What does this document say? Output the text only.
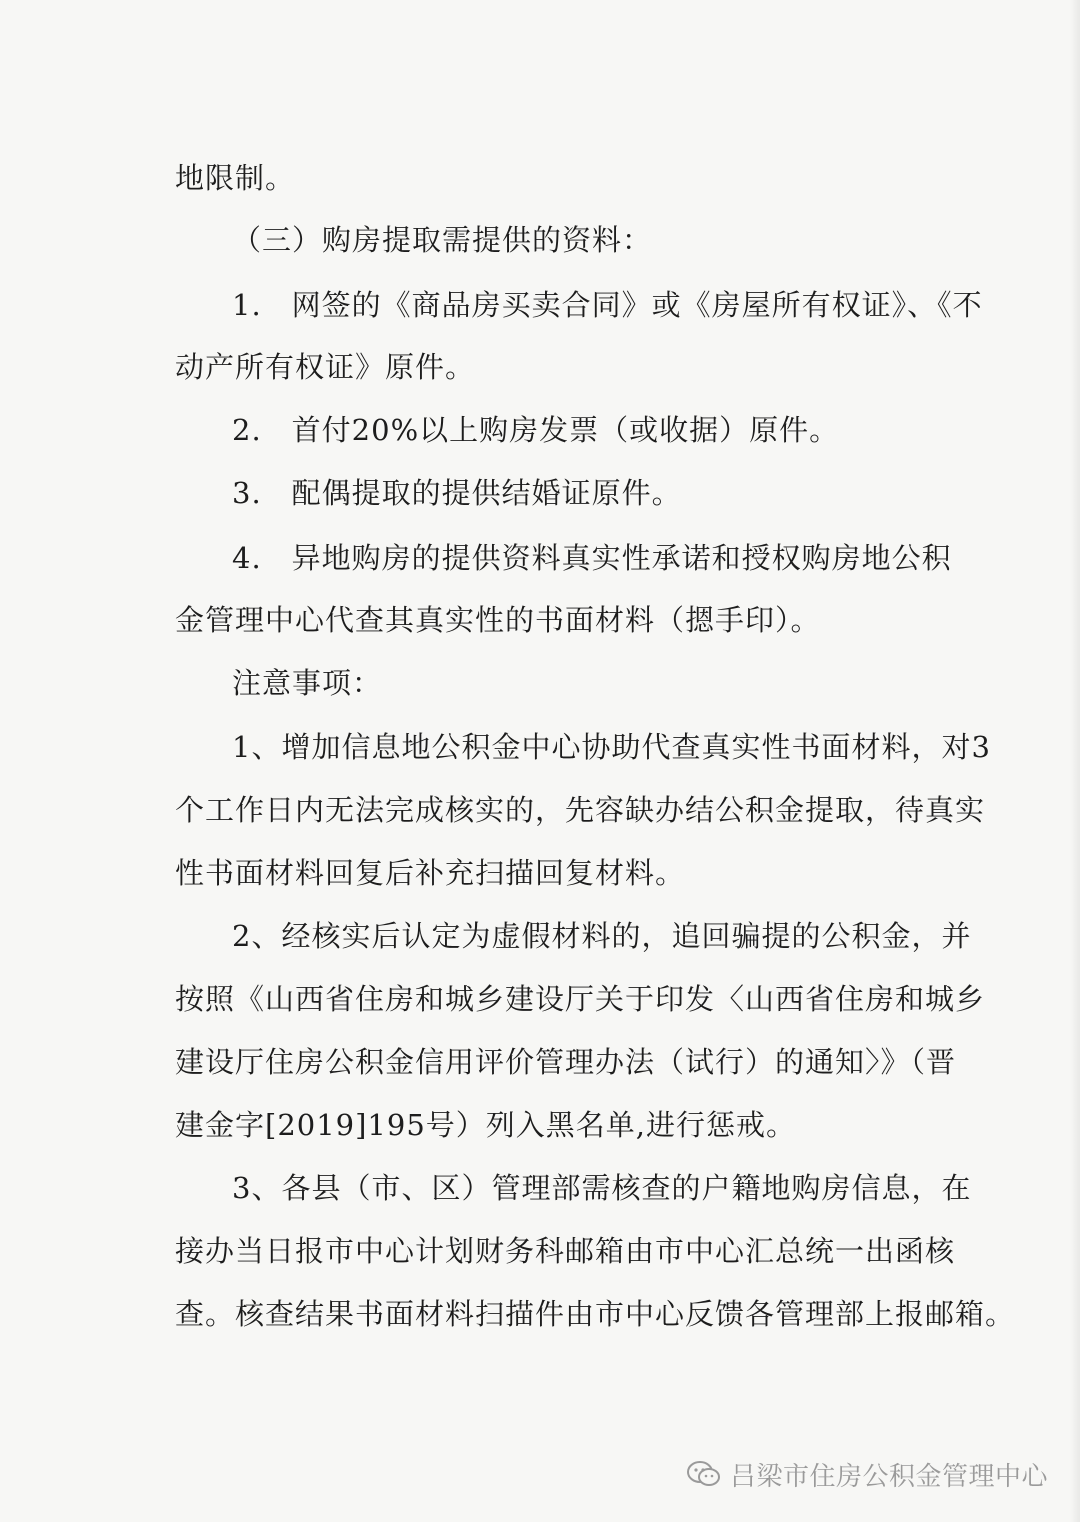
地限制。
（三）购房提取需提供的资料：
1.　网签的《商品房买卖合同》或《房屋所有权证》、《不
动产所有权证》原件。
2.　首付20%以上购房发票（或收据）原件。
3.　配偶提取的提供结婚证原件。
4.　异地购房的提供资料真实性承诺和授权购房地公积
金管理中心代查其真实性的书面材料（摁手印）。
注意事项：
1、增加信息地公积金中心协助代查真实性书面材料，对3
个工作日内无法完成核实的，先容缺办结公积金提取，待真实
性书面材料回复后补充扫描回复材料。
2、经核实后认定为虚假材料的，追回骗提的公积金，并
按照《山西省住房和城乡建设厅关于印发〈山西省住房和城乡
建设厅住房公积金信用评价管理办法（试行）的通知〉》（晋
建金字[2019]195号）列入黑名单,进行惩戒。
3、各县（市、区）管理部需核查的户籍地购房信息，在
接办当日报市中心计划财务科邮箱由市中心汇总统一出函核
查。核查结果书面材料扫描件由市中心反馈各管理部上报邮箱。
吕梁市住房公积金管理中心
